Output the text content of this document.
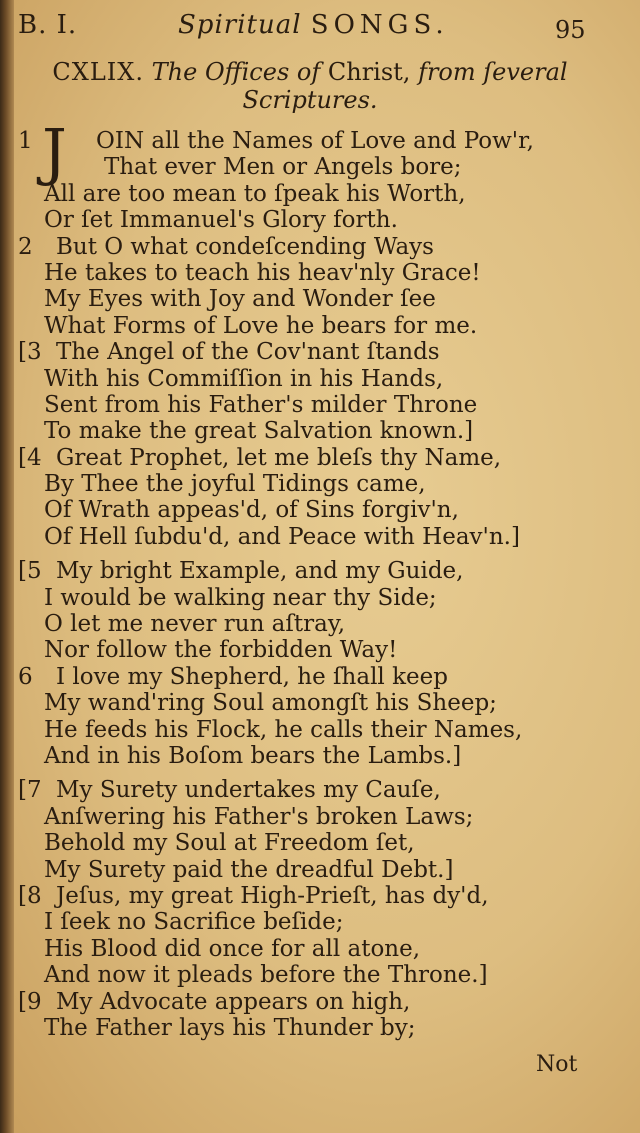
B. I.	Spiritual SONGS.	95
CXLIX. The Offices of Christ, from ſeveral
Scriptures.
1 J OIN all the Names of Love and Pow'r,
That ever Men or Angels bore;
All are too mean to ſpeak his Worth,
Or ſet Immanuel's Glory forth.
2	But O what condeſcending Ways
He takes to teach his heav'nly Grace!
My Eyes with Joy and Wonder ſee
What Forms of Love he bears for me.
[3 The Angel of the Cov'nant ſtands
With his Commiſſion in his Hands,
Sent from his Father's milder Throne
To make the great Salvation known.]
[4 Great Prophet, let me bleſs thy Name,
By Thee the joyful Tidings came,
Of Wrath appeas'd, of Sins forgiv'n,
Of Hell ſubdu'd, and Peace with Heav'n.]
[5 My bright Example, and my Guide,
I would be walking near thy Side;
O let me never run aſtray,
Nor follow the forbidden Way!
6	I love my Shepherd, he ſhall keep
My wand'ring Soul amongſt his Sheep;
He feeds his Flock, he calls their Names,
And in his Boſom bears the Lambs.]
[7 My Surety undertakes my Cauſe,
Anſwering his Father's broken Laws;
Behold my Soul at Freedom ſet,
My Surety paid the dreadful Debt.]
[8 Jeſus, my great High-Prieſt, has dy'd,
I ſeek no Sacrifice beſide;
His Blood did once for all atone,
And now it pleads before the Throne.]
[9 My Advocate appears on high,
The Father lays his Thunder by;
Not
